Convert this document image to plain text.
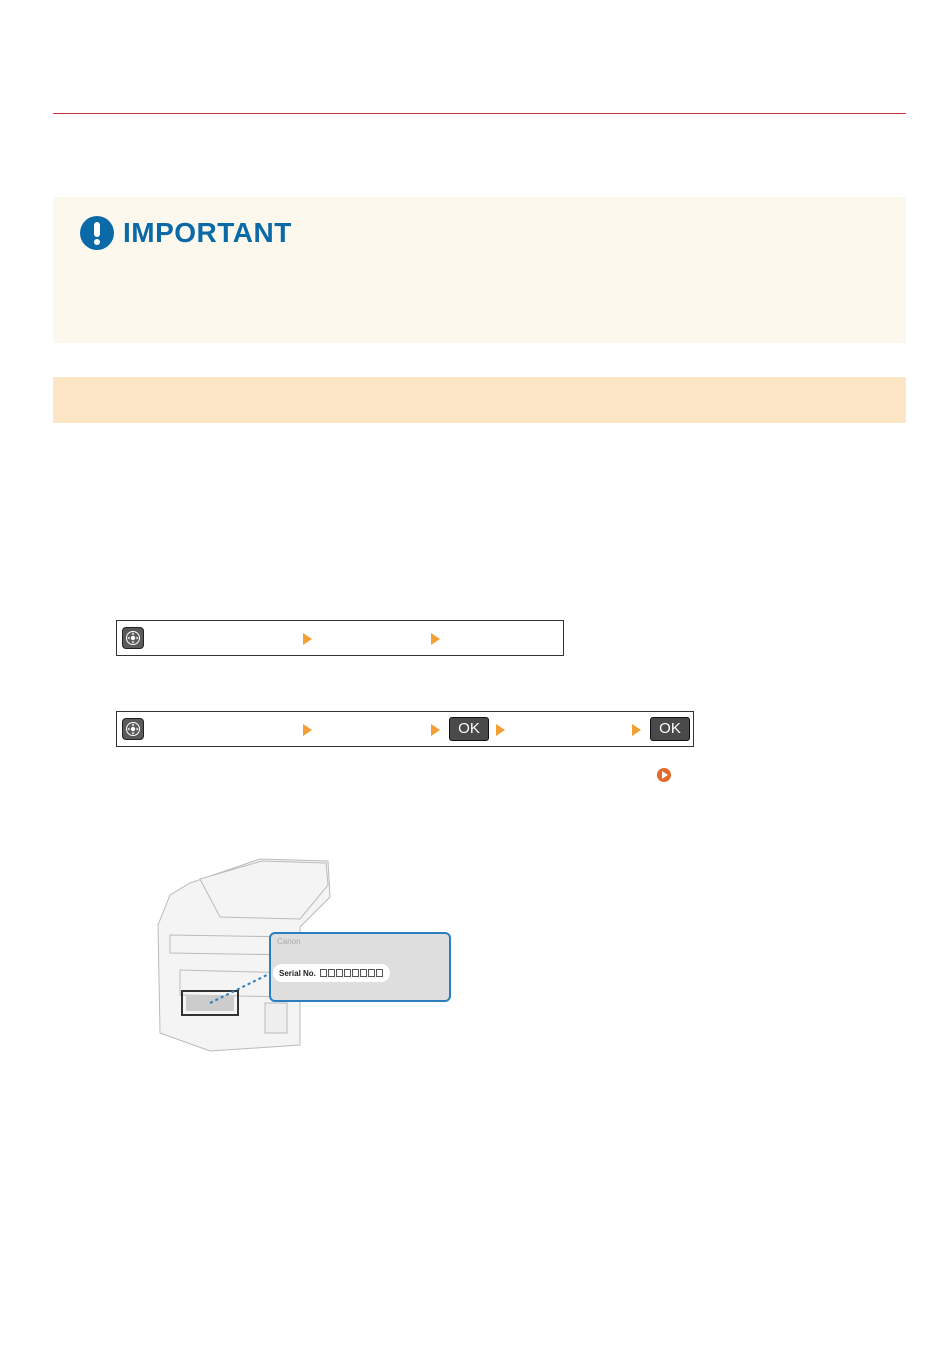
IMPORTANT
OK	OK
Canon
Serial No.
